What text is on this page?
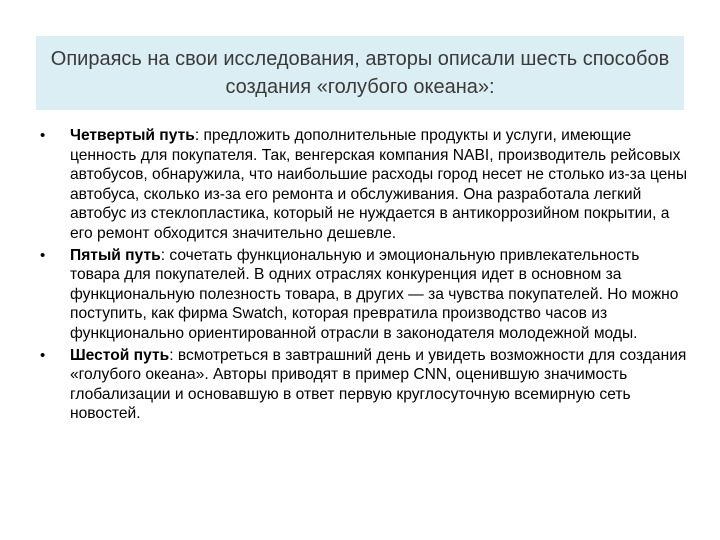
Опираясь на свои исследования, авторы описали шесть способов создания «голубого океана»:
• Четвертый путь: предложить дополнительные продукты и услуги, имеющие ценность для покупателя. Так, венгерская компания NABI, производитель рейсовых автобусов, обнаружила, что наибольшие расходы город несет не столько из-за цены автобуса, сколько из-за его ремонта и обслуживания. Она разработала легкий автобус из стеклопластика, который не нуждается в антикоррозийном покрытии, а его ремонт обходится значительно дешевле.
• Пятый путь: сочетать функциональную и эмоциональную привлекательность товара для покупателей. В одних отраслях конкуренция идет в основном за функциональную полезность товара, в других — за чувства покупателей. Но можно поступить, как фирма Swatch, которая превратила производство часов из функционально ориентированной отрасли в законодателя молодежной моды.
• Шестой путь: всмотреться в завтрашний день и увидеть возможности для создания «голубого океана». Авторы приводят в пример CNN, оценившую значимость глобализации и основавшую в ответ первую круглосуточную всемирную сеть новостей.
